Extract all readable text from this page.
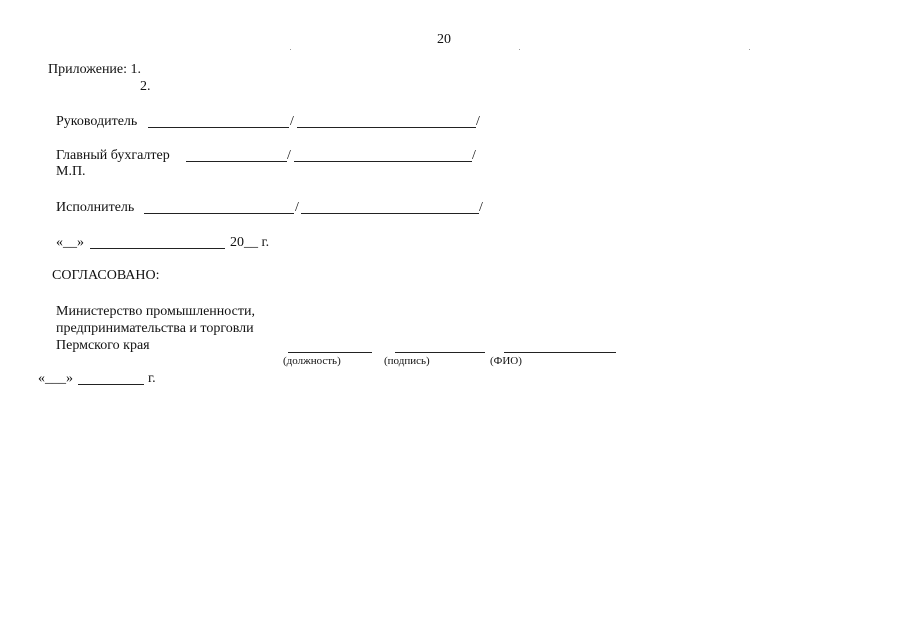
20
Приложение: 1.
2.
Руководитель	/	/
Главный бухгалтер	/	/
М.П.
Исполнитель	/	/
«__»	20__ г.
СОГЛАСОВАНО:
Министерство промышленности,
предпринимательства и торговли
Пермского края
(должность)	(подпись)	(ФИО)
«___»	г.
